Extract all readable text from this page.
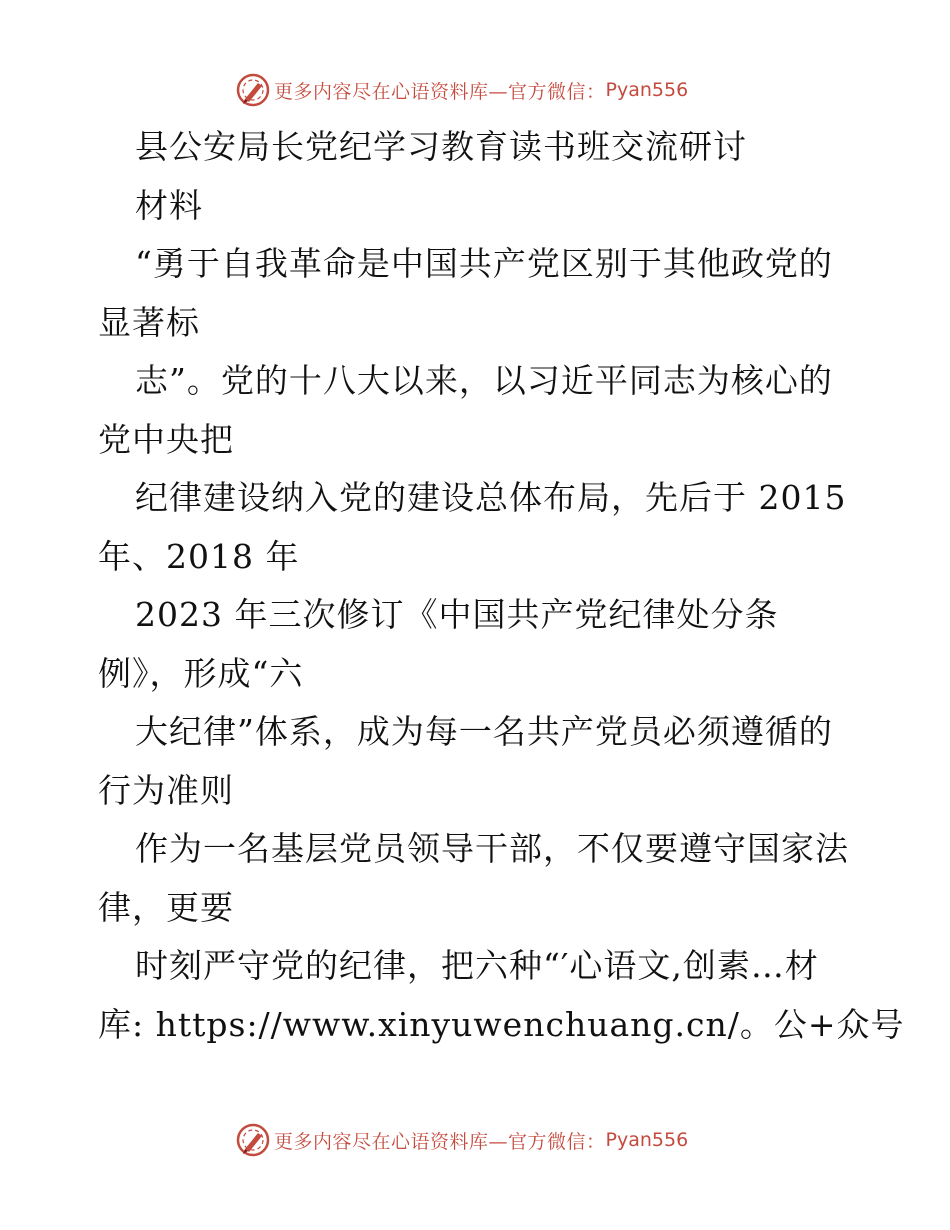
更多内容尽在心语资料库—官方微信： Pyan556
县公安局长党纪学习教育读书班交流研讨
材料
“勇于自我革命是中国共产党区别于其他政党的
显著标
志”。党的十八大以来，以习近平同志为核心的
党中央把
纪律建设纳入党的建设总体布局，先后于 2015
年、2018 年
2023 年三次修订《中国共产党纪律处分条
例》，形成“六
大纪律”体系，成为每一名共产党员必须遵循的
行为准则
作为一名基层党员领导干部，不仅要遵守国家法
律，更要
时刻严守党的纪律，把六种“′心语文,创素…材
库: https://www.xinyuwenchuang.cn/。公+众号
更多内容尽在心语资料库—官方微信： Pyan556
